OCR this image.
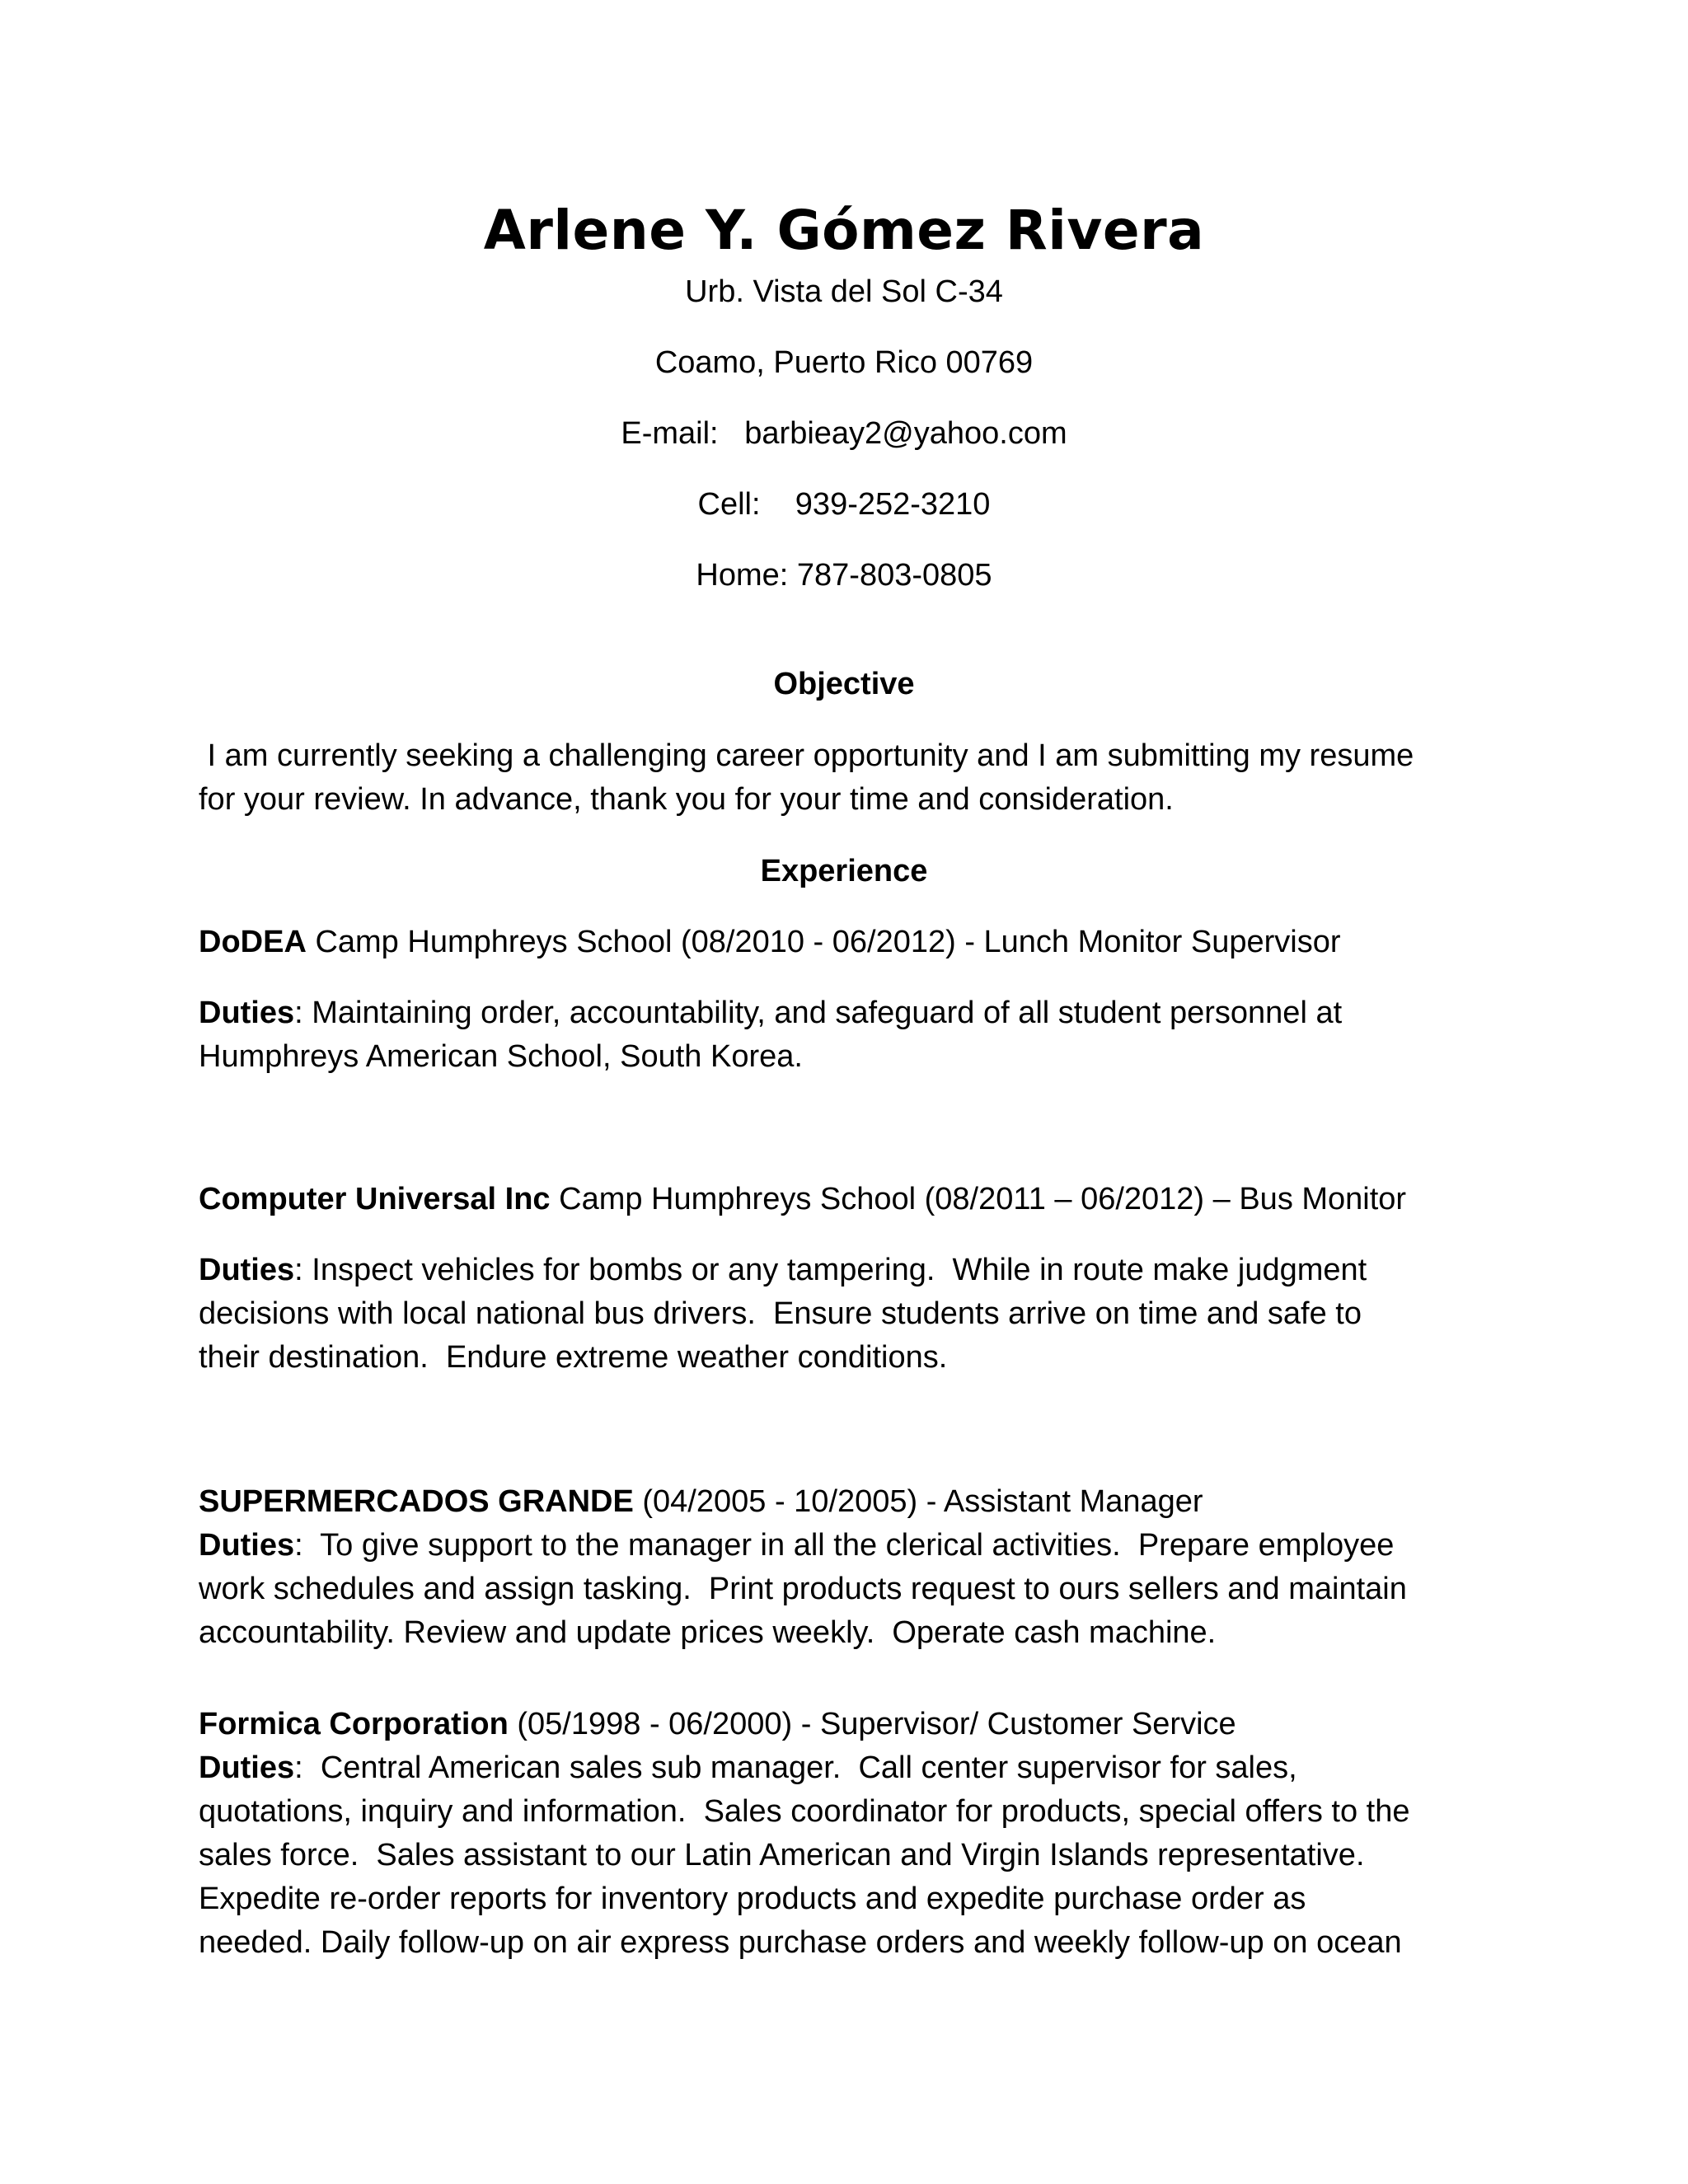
Arlene Y. Gómez Rivera
Urb. Vista del Sol C-34
Coamo, Puerto Rico 00769
E-mail: barbieay2@yahoo.com
Cell: 939-252-3210
Home: 787-803-0805
Objective
I am currently seeking a challenging career opportunity and I am submitting my resume
for your review. In advance, thank you for your time and consideration.
Experience
DoDEA Camp Humphreys School (08/2010 - 06/2012) - Lunch Monitor Supervisor
Duties: Maintaining order, accountability, and safeguard of all student personnel at
Humphreys American School, South Korea.
Computer Universal Inc Camp Humphreys School (08/2011 – 06/2012) – Bus Monitor
Duties: Inspect vehicles for bombs or any tampering.  While in route make judgment
decisions with local national bus drivers.  Ensure students arrive on time and safe to
their destination.  Endure extreme weather conditions.
SUPERMERCADOS GRANDE (04/2005 - 10/2005) - Assistant Manager
Duties:  To give support to the manager in all the clerical activities.  Prepare employee
work schedules and assign tasking.  Print products request to ours sellers and maintain
accountability. Review and update prices weekly.  Operate cash machine.
Formica Corporation (05/1998 - 06/2000) - Supervisor/ Customer Service
Duties:  Central American sales sub manager.  Call center supervisor for sales,
quotations, inquiry and information.  Sales coordinator for products, special offers to the
sales force.  Sales assistant to our Latin American and Virgin Islands representative.
Expedite re-order reports for inventory products and expedite purchase order as
needed. Daily follow-up on air express purchase orders and weekly follow-up on ocean
